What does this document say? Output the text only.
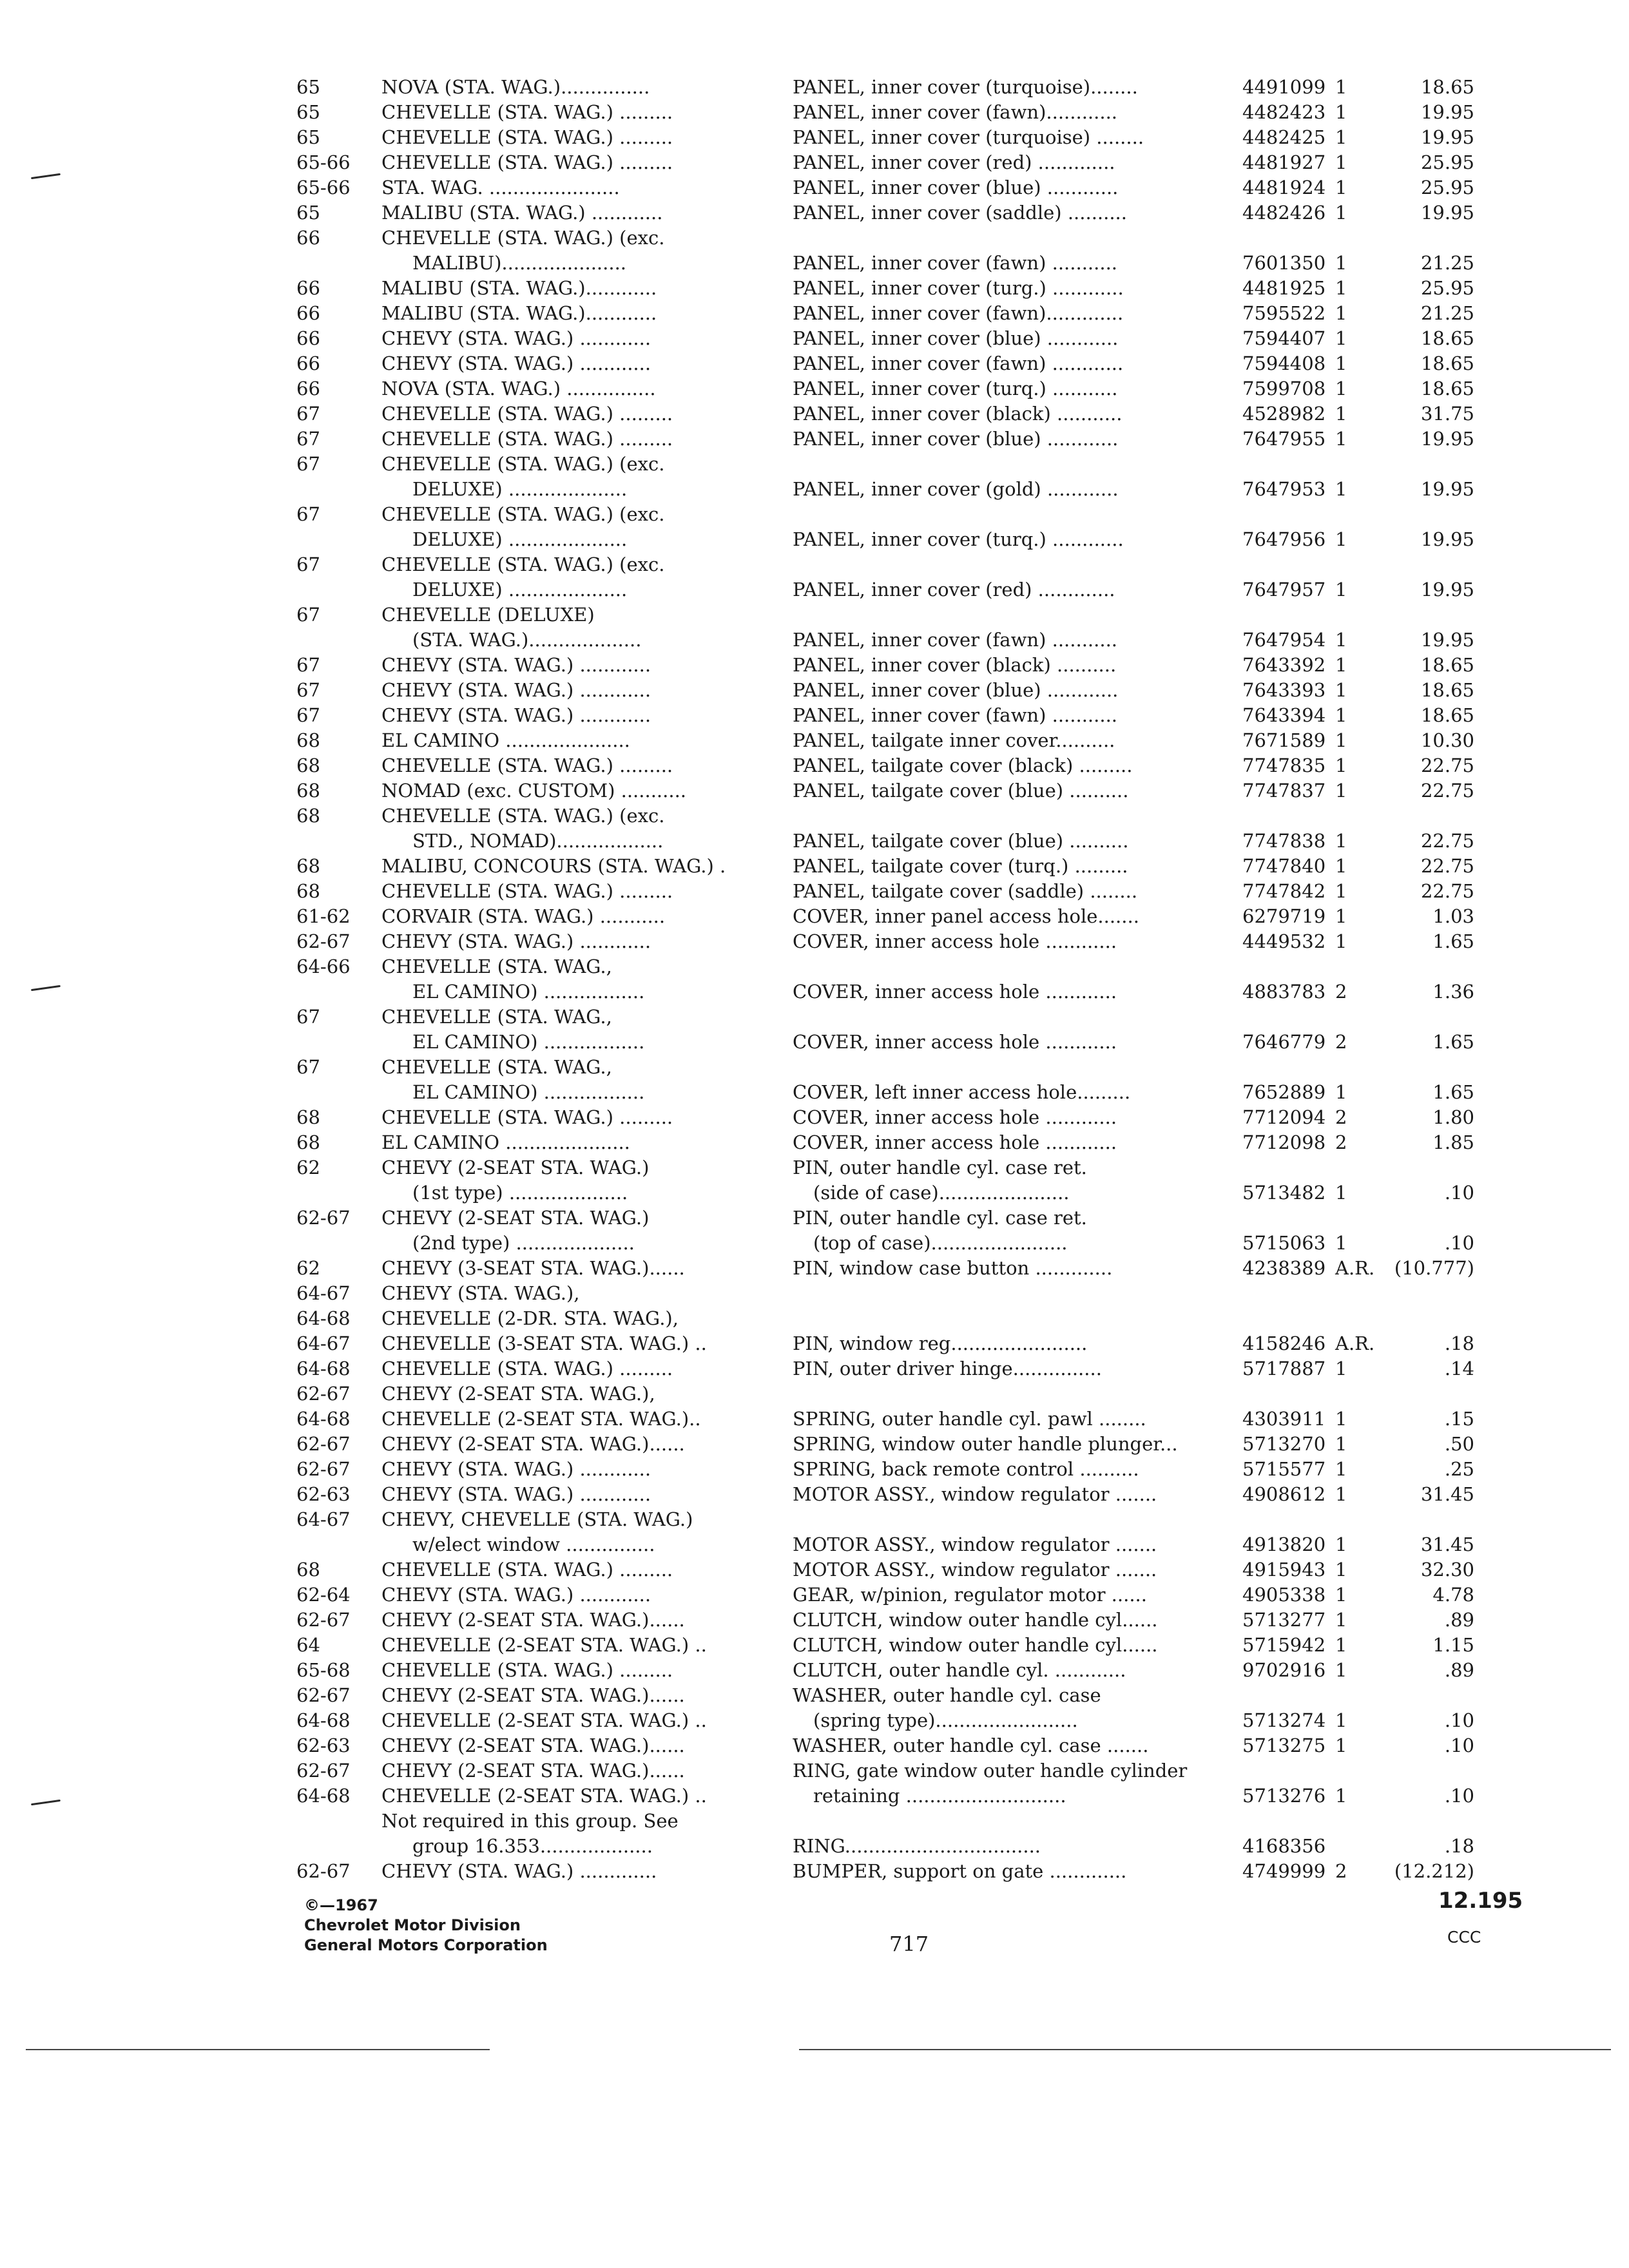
65	NOVA (STA. WAG.)...............	PANEL, inner cover (turquoise)........	4491099 1	18.65
65	CHEVELLE (STA. WAG.) .........	PANEL, inner cover (fawn)............	4482423 1	19.95
65	CHEVELLE (STA. WAG.) .........	PANEL, inner cover (turquoise) ........	4482425 1	19.95
65-66 CHEVELLE (STA. WAG.) .........	PANEL, inner cover (red) .............	4481927 1	25.95
65-66 STA. WAG. ......................	PANEL, inner cover (blue) ............	4481924 1	25.95
65	MALIBU (STA. WAG.) ............	PANEL, inner cover (saddle) ..........	4482426 1	19.95
66	CHEVELLE (STA. WAG.) (exc.
MALIBU).....................	PANEL, inner cover (fawn) ...........	7601350 1	21.25
66	MALIBU (STA. WAG.)............	PANEL, inner cover (turg.) ............	4481925 1	25.95
66	MALIBU (STA. WAG.)............	PANEL, inner cover (fawn).............	7595522 1	21.25
66	CHEVY (STA. WAG.) ............	PANEL, inner cover (blue) ............	7594407 1	18.65
66	CHEVY (STA. WAG.) ............	PANEL, inner cover (fawn) ............	7594408 1	18.65
66	NOVA (STA. WAG.) ...............	PANEL, inner cover (turq.) ...........	7599708 1	18.65
67	CHEVELLE (STA. WAG.) .........	PANEL, inner cover (black) ...........	4528982 1	31.75
67	CHEVELLE (STA. WAG.) .........	PANEL, inner cover (blue) ............	7647955 1	19.95
67	CHEVELLE (STA. WAG.) (exc.
DELUXE) ....................	PANEL, inner cover (gold) ............	7647953 1	19.95
67	CHEVELLE (STA. WAG.) (exc.
DELUXE) ....................	PANEL, inner cover (turq.) ............	7647956 1	19.95
67	CHEVELLE (STA. WAG.) (exc.
DELUXE) ....................	PANEL, inner cover (red) .............	7647957 1	19.95
67	CHEVELLE (DELUXE)
(STA. WAG.)...................	PANEL, inner cover (fawn) ...........	7647954 1	19.95
67	CHEVY (STA. WAG.) ............	PANEL, inner cover (black) ..........	7643392 1	18.65
67	CHEVY (STA. WAG.) ............	PANEL, inner cover (blue) ............	7643393 1	18.65
67	CHEVY (STA. WAG.) ............	PANEL, inner cover (fawn) ...........	7643394 1	18.65
68	EL CAMINO .....................	PANEL, tailgate inner cover..........	7671589 1	10.30
68	CHEVELLE (STA. WAG.) .........	PANEL, tailgate cover (black) .........	7747835 1	22.75
68	NOMAD (exc. CUSTOM) ...........	PANEL, tailgate cover (blue) ..........	7747837 1	22.75
68	CHEVELLE (STA. WAG.) (exc.
STD., NOMAD)..................	PANEL, tailgate cover (blue) ..........	7747838 1	22.75
68	MALIBU, CONCOURS (STA. WAG.) .	PANEL, tailgate cover (turq.) .........	7747840 1	22.75
68	CHEVELLE (STA. WAG.) .........	PANEL, tailgate cover (saddle) ........	7747842 1	22.75
61-62 CORVAIR (STA. WAG.) ...........	COVER, inner panel access hole.......	6279719 1	1.03
62-67 CHEVY (STA. WAG.) ............	COVER, inner access hole ............	4449532 1	1.65
64-66 CHEVELLE (STA. WAG.,
EL CAMINO) .................	COVER, inner access hole ............	4883783 2	1.36
67	CHEVELLE (STA. WAG.,
EL CAMINO) .................	COVER, inner access hole ............	7646779 2	1.65
67	CHEVELLE (STA. WAG.,
EL CAMINO) .................	COVER, left inner access hole.........	7652889 1	1.65
68	CHEVELLE (STA. WAG.) .........	COVER, inner access hole ............	7712094 2	1.80
68	EL CAMINO .....................	COVER, inner access hole ............	7712098 2	1.85
62	CHEVY (2-SEAT STA. WAG.)	PIN, outer handle cyl. case ret.
(1st type) ....................	(side of case)......................	5713482 1	.10
62-67 CHEVY (2-SEAT STA. WAG.)	PIN, outer handle cyl. case ret.
(2nd type) ....................	(top of case).......................	5715063 1	.10
62	CHEVY (3-SEAT STA. WAG.)......	PIN, window case button .............	4238389 A.R.	(10.777)
64-67 CHEVY (STA. WAG.),
64-68 CHEVELLE (2-DR. STA. WAG.),
64-67 CHEVELLE (3-SEAT STA. WAG.) ..	PIN, window reg.......................	4158246 A.R.	.18
64-68 CHEVELLE (STA. WAG.) .........	PIN, outer driver hinge...............	5717887 1	.14
62-67 CHEVY (2-SEAT STA. WAG.),
64-68 CHEVELLE (2-SEAT STA. WAG.)..	SPRING, outer handle cyl. pawl ........	4303911 1	.15
62-67 CHEVY (2-SEAT STA. WAG.)......	SPRING, window outer handle plunger...	5713270 1	.50
62-67 CHEVY (STA. WAG.) ............	SPRING, back remote control ..........	5715577 1	.25
62-63 CHEVY (STA. WAG.) ............	MOTOR ASSY., window regulator .......	4908612 1	31.45
64-67 CHEVY, CHEVELLE (STA. WAG.)
w/elect window ...............	MOTOR ASSY., window regulator .......	4913820 1	31.45
68	CHEVELLE (STA. WAG.) .........	MOTOR ASSY., window regulator .......	4915943 1	32.30
62-64 CHEVY (STA. WAG.) ............	GEAR, w/pinion, regulator motor ......	4905338 1	4.78
62-67 CHEVY (2-SEAT STA. WAG.)......	CLUTCH, window outer handle cyl......	5713277 1	.89
64	CHEVELLE (2-SEAT STA. WAG.) ..	CLUTCH, window outer handle cyl......	5715942 1	1.15
65-68 CHEVELLE (STA. WAG.) .........	CLUTCH, outer handle cyl. ............	9702916 1	.89
62-67 CHEVY (2-SEAT STA. WAG.)......	WASHER, outer handle cyl. case
64-68 CHEVELLE (2-SEAT STA. WAG.) ..	(spring type)........................	5713274 1	.10
62-63 CHEVY (2-SEAT STA. WAG.)......	WASHER, outer handle cyl. case .......	5713275 1	.10
62-67 CHEVY (2-SEAT STA. WAG.)......	RING, gate window outer handle cylinder
64-68 CHEVELLE (2-SEAT STA. WAG.) ..	retaining ...........................	5713276 1	.10
Not required in this group. See
group 16.353...................	RING.................................	4168356	.18
62-67 CHEVY (STA. WAG.) .............	BUMPER, support on gate .............	4749999 2	(12.212)
©—1967
Chevrolet Motor Division
General Motors Corporation	717
12.195
CCC
